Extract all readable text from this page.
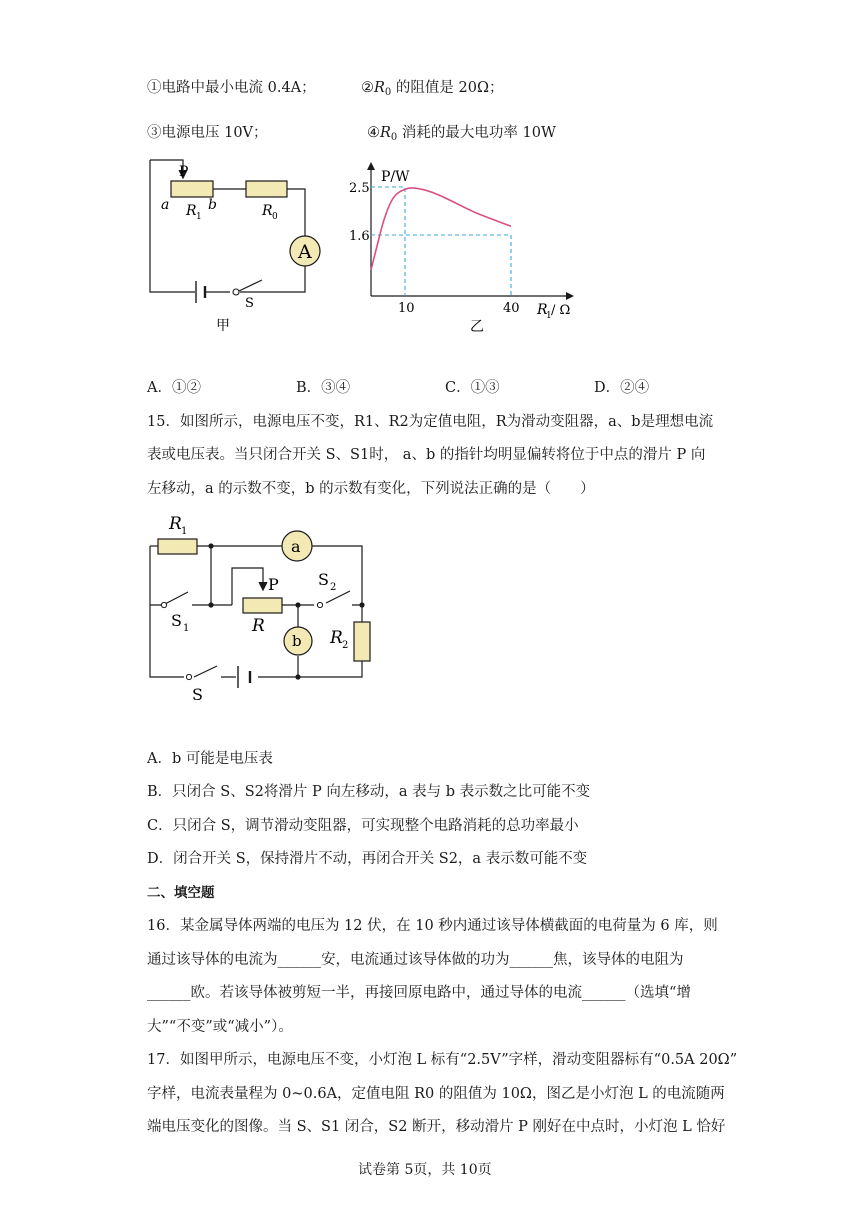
①电路中最小电流 0.4A；	$②R_0$ 的阻值是 20Ω；
③电源电压 10V；	$④R_0$ 消耗的最大电功率 10W
P
a	b
R 1	R 0
A
S
甲
P/W
2.5
1.6
10	40 R
1 / Ω
乙
R 1
a
P S 2
S 1	R
b R 2
S
A．①②	B．③④	C．①③	D．②④
15．如图所示，电源电压不变，R1、R2为定值电阻，R为滑动变阻器，a、b是理想电流
表或电压表。当只闭合开关 S、S1时， a、b 的指针均明显偏转将位于中点的滑片 P 向
左移动，a 的示数不变，b 的示数有变化，下列说法正确的是（　　）
A．b 可能是电压表
B．只闭合 S、S2将滑片 P 向左移动，a 表与 b 表示数之比可能不变
C．只闭合 S，调节滑动变阻器，可实现整个电路消耗的总功率最小
D．闭合开关 S，保持滑片不动，再闭合开关 S2，a 表示数可能不变
二、填空题
16．某金属导体两端的电压为 12 伏，在 10 秒内通过该导体横截面的电荷量为 6 库，则
通过该导体的电流为______安，电流通过该导体做的功为______焦，该导体的电阻为
______欧。若该导体被剪短一半，再接回原电路中，通过导体的电流______（选填“增
大”“不变”或“减小”）。
17．如图甲所示，电源电压不变，小灯泡 L 标有“2.5V”字样，滑动变阻器标有“0.5A 20Ω”
字样，电流表量程为 0~0.6A，定值电阻 R0 的阻值为 10Ω，图乙是小灯泡 L 的电流随两
端电压变化的图像。当 S、S1 闭合，S2 断开，移动滑片 P 刚好在中点时，小灯泡 L 恰好
试卷第 5页，共 10页
